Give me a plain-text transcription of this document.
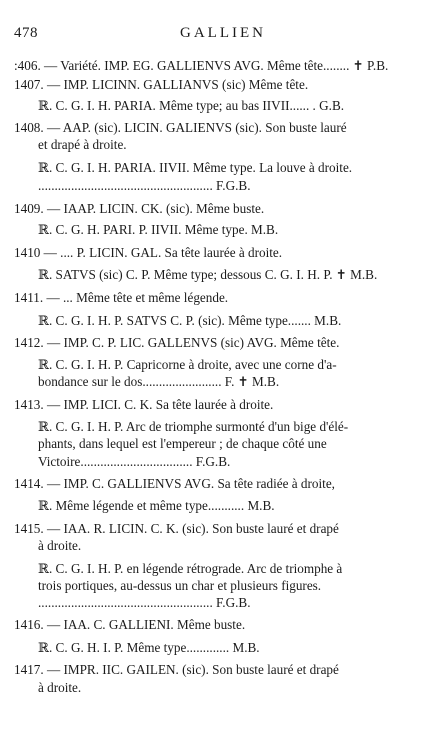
478	GALLIEN
:406. — Variété. IMP. EG. GALLIENVS AVG. Même tête........ ✝ P.B.
1407. — IMP. LICINN. GALLIANVS (sic) Même tête.
ℝ. C. G. I. H. PARIA. Même type; au bas IIVII...... . G.B.
1408. — AAP. (sic). LICIN. GALIENVS (sic). Son buste lauré
et drapé à droite.
ℝ. C. G. I. H. PARIA. IIVII. Même type. La louve à droite.
..................................................... F.G.B.
1409. — IAAP. LICIN. CK. (sic). Même buste.
ℝ. C. G. H. PARI. P. IIVII. Même type. M.B.
1410 — .... P. LICIN. GAL. Sa tête laurée à droite.
ℝ. SATVS (sic) C. P. Même type; dessous C. G. I. H. P. ✝ M.B.
1411. — ... Même tête et même légende.
ℝ. C. G. I. H. P. SATVS C. P. (sic). Même type....... M.B.
1412. — IMP. C. P. LIC. GALLENVS (sic) AVG. Même tête.
ℝ. C. G. I. H. P. Capricorne à droite, avec une corne d'a-
bondance sur le dos........................ F. ✝ M.B.
1413. — IMP. LICI. C. K. Sa tête laurée à droite.
ℝ. C. G. I. H. P. Arc de triomphe surmonté d'un bige d'élé-
phants, dans lequel est l'empereur ; de chaque côté une
Victoire.................................. F.G.B.
1414. — IMP. C. GALLIENVS AVG. Sa tête radiée à droite,
ℝ. Même légende et même type........... M.B.
1415. — IAA. R. LICIN. C. K. (sic). Son buste lauré et drapé
à droite.
ℝ. C. G. I. H. P. en légende rétrograde. Arc de triomphe à
trois portiques, au-dessus un char et plusieurs figures.
..................................................... F.G.B.
1416. — IAA. C. GALLIENI. Même buste.
ℝ. C. G. H. I. P. Même type............. M.B.
1417. — IMPR. IIC. GAILEN. (sic). Son buste lauré et drapé
à droite.
